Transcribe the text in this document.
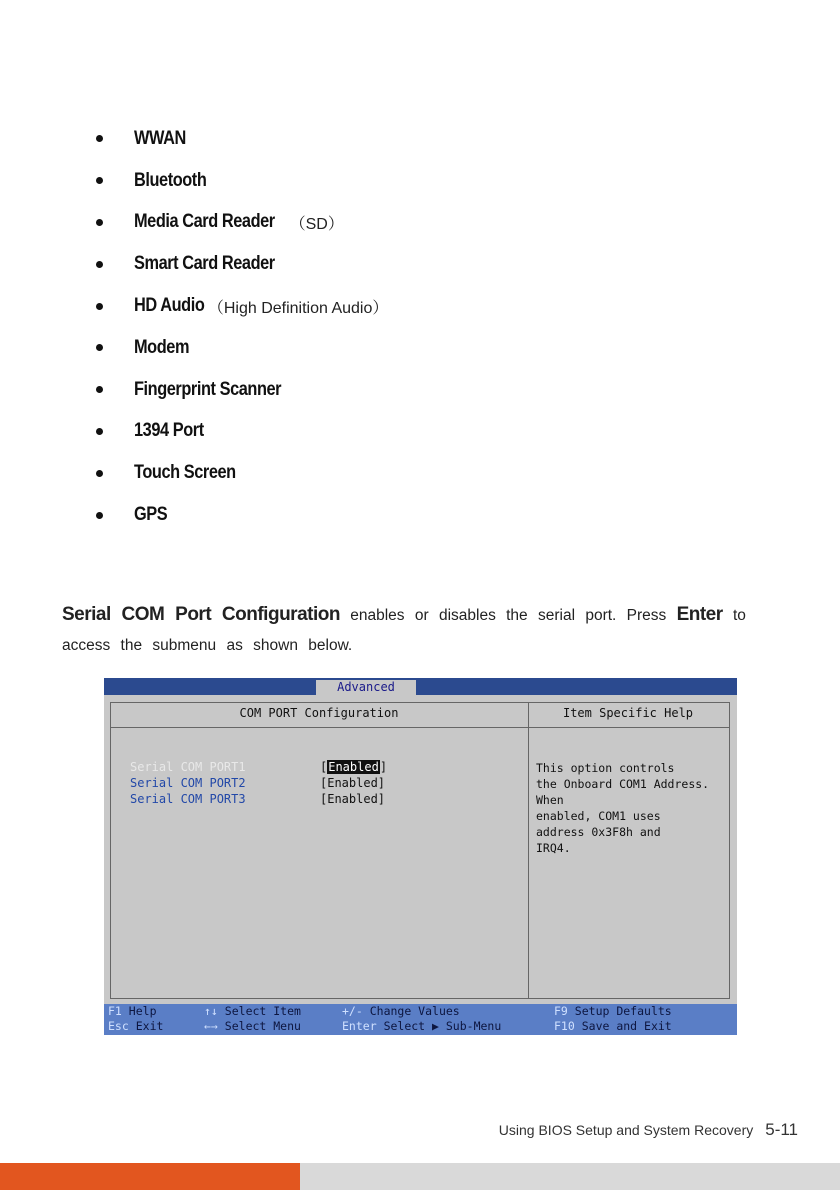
WWAN
Bluetooth
Media Card Reader （SD）
Smart Card Reader
HD Audio （High Definition Audio）
Modem
Fingerprint Scanner
1394 Port
Touch Screen
GPS

Serial COM Port Configuration enables or disables the serial port. Press Enter to access the submenu as shown below.

Advanced
COM PORT Configuration	Item Specific Help
Serial COM PORT1	[Enabled]
Serial COM PORT2	[Enabled]
Serial COM PORT3	[Enabled]
This option controls
the Onboard COM1 Address.
When
enabled, COM1 uses
address 0x3F8h and
IRQ4.
F1 Help	↑↓ Select Item	+/- Change Values	F9 Setup Defaults
Esc Exit	←→ Select Menu	Enter Select ▶ Sub-Menu	F10 Save and Exit
Using BIOS Setup and System Recovery 5-11
